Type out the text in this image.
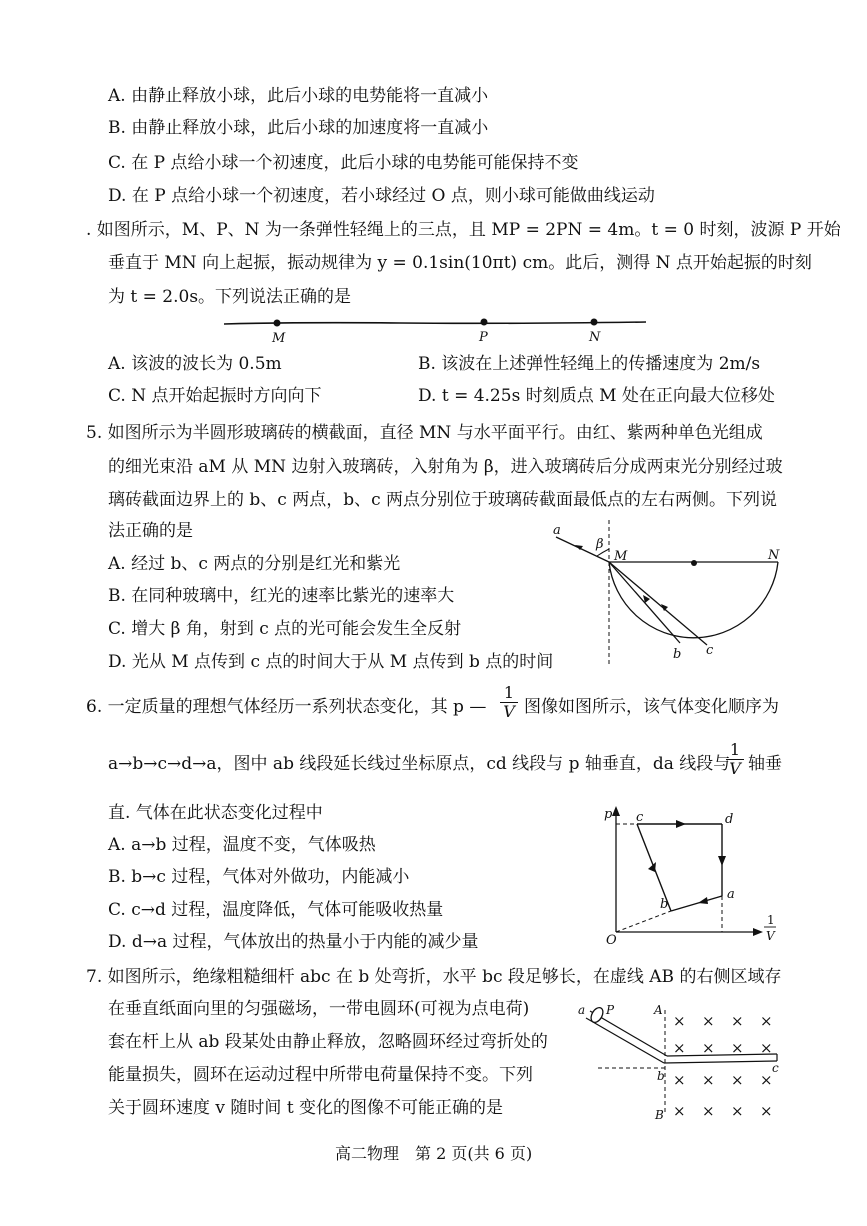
A. 由静止释放小球，此后小球的电势能将一直减小
B. 由静止释放小球，此后小球的加速度将一直减小
C. 在 P 点给小球一个初速度，此后小球的电势能可能保持不变
D. 在 P 点给小球一个初速度，若小球经过 O 点，则小球可能做曲线运动
. 如图所示，M、P、N 为一条弹性轻绳上的三点，且 MP = 2PN = 4m。t = 0 时刻，波源 P 开始
垂直于 MN 向上起振，振动规律为 y = 0.1sin(10πt) cm。此后，测得 N 点开始起振的时刻
为 t = 2.0s。下列说法正确的是
M	P	N
A. 该波的波长为 0.5m	B. 该波在上述弹性轻绳上的传播速度为 2m/s
C. N 点开始起振时方向向下	D. t = 4.25s 时刻质点 M 处在正向最大位移处
5. 如图所示为半圆形玻璃砖的横截面，直径 MN 与水平面平行。由红、紫两种单色光组成
的细光束沿 aM 从 MN 边射入玻璃砖，入射角为 β，进入玻璃砖后分成两束光分别经过玻
璃砖截面边界上的 b、c 两点，b、c 两点分别位于玻璃砖截面最低点的左右两侧。下列说
法正确的是
A. 经过 b、c 两点的分别是红光和紫光
B. 在同种玻璃中，红光的速率比紫光的速率大
C. 增大 β 角，射到 c 点的光可能会发生全反射
D. 光从 M 点传到 c 点的时间大于从 M 点传到 b 点的时间
a
β
M	N
b c
6. 一定质量的理想气体经历一系列状态变化，其 p — $\frac{1}{V}$ 图像如图所示，该气体变化顺序为
a→b→c→d→a，图中 ab 线段延长线过坐标原点，cd 线段与 p 轴垂直，da 线段与
$\frac{1}{V}$ 轴垂
直. 气体在此状态变化过程中
A. a→b 过程，温度不变，气体吸热
B. b→c 过程，气体对外做功，内能减小
C. c→d 过程，温度降低，气体可能吸收热量
D. d→a 过程，气体放出的热量小于内能的减少量
p
O
c	d
a
b
1
V
7. 如图所示，绝缘粗糙细杆 abc 在 b 处弯折，水平 bc 段足够长，在虚线 AB 的右侧区域存
在垂直纸面向里的匀强磁场，一带电圆环(可视为点电荷)
套在杆上从 ab 段某处由静止释放，忽略圆环经过弯折处的
能量损失，圆环在运动过程中所带电荷量保持不变。下列
关于圆环速度 v 随时间 t 变化的图像不可能正确的是
a P	A
b
B
c
× × × ×
× × × ×
× × × ×
× × × ×
高二物理　第 2 页(共 6 页)
